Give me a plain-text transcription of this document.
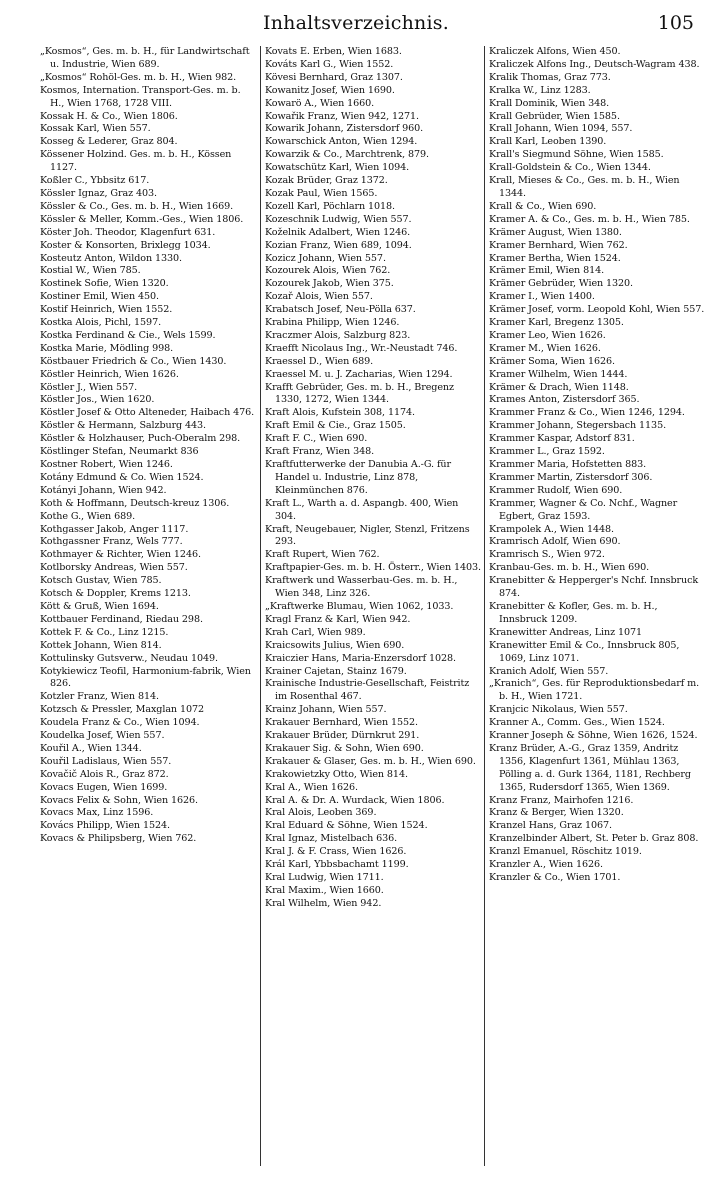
Inhaltsverzeichnis.	105

„Kosmos“, Ges. m. b. H., für Landwirtschaft u. Industrie, Wien 689.

„Kosmos“ Rohöl-Ges. m. b. H., Wien 982.

Kosmos, Internation. Transport-Ges. m. b. H., Wien 1768, 1728 VIII.

Kossak H. & Co., Wien 1806.

Kossak Karl, Wien 557.

Kosseg & Lederer, Graz 804.

Kössener Holzind. Ges. m. b. H., Kössen 1127.

Koßler C., Ybbsitz 617.

Kössler Ignaz, Graz 403.

Kössler & Co., Ges. m. b. H., Wien 1669.

Kössler & Meller, Komm.-Ges., Wien 1806.

Köster Joh. Theodor, Klagenfurt 631.

Koster & Konsorten, Brixlegg 1034.

Kosteutz Anton, Wildon 1330.

Kostial W., Wien 785.

Kostinek Sofie, Wien 1320.

Kostiner Emil, Wien 450.

Kostif Heinrich, Wien 1552.

Kostka Alois, Pichl, 1597.

Kostka Ferdinand & Cie., Wels 1599.

Kostka Marie, Mödling 998.

Köstbauer Friedrich & Co., Wien 1430.

Köstler Heinrich, Wien 1626.

Köstler J., Wien 557.

Köstler Jos., Wien 1620.

Köstler Josef & Otto Alteneder, Haibach 476.

Köstler & Hermann, Salzburg 443.

Köstler & Holzhauser, Puch-Oberalm 298.

Köstlinger Stefan, Neumarkt 836

Kostner Robert, Wien 1246.

Kotány Edmund & Co. Wien 1524.

Kotányi Johann, Wien 942.

Koth & Hoffmann, Deutsch-kreuz 1306.

Kothe G., Wien 689.

Kothgasser Jakob, Anger 1117.

Kothgassner Franz, Wels 777.

Kothmayer & Richter, Wien 1246.

Kotlborsky Andreas, Wien 557.

Kotsch Gustav, Wien 785.

Kotsch & Doppler, Krems 1213.

Kött & Gruß, Wien 1694.

Kottbauer Ferdinand, Riedau 298.

Kottek F. & Co., Linz 1215.

Kottek Johann, Wien 814.

Kottulinsky Gutsverw., Neudau 1049.

Kotykiewicz Teofil, Harmonium-fabrik, Wien 826.

Kotzler Franz, Wien 814.

Kotzsch & Pressler, Maxglan 1072

Koudela Franz & Co., Wien 1094.

Koudelka Josef, Wien 557.

Kouřil A., Wien 1344.

Kouřil Ladislaus, Wien 557.

Kovačič Alois R., Graz 872.

Kovacs Eugen, Wien 1699.

Kovacs Felix & Sohn, Wien 1626.

Kovacs Max, Linz 1596.

Kovács Philipp, Wien 1524.

Kovacs & Philipsberg, Wien 762.

Kovats E. Erben, Wien 1683.

Kováts Karl G., Wien 1552.

Kövesi Bernhard, Graz 1307.

Kowanitz Josef, Wien 1690.

Kowarö A., Wien 1660.

Kowařik Franz, Wien 942, 1271.

Kowarik Johann, Zistersdorf 960.

Kowarschick Anton, Wien 1294.

Kowarzik & Co., Marchtrenk, 879.

Kowatschütz Karl, Wien 1094.

Kozak Brüder, Graz 1372.

Kozak Paul, Wien 1565.

Kozell Karl, Pöchlarn 1018.

Kozeschnik Ludwig, Wien 557.

Koželnik Adalbert, Wien 1246.

Kozian Franz, Wien 689, 1094.

Kozicz Johann, Wien 557.

Kozourek Alois, Wien 762.

Kozourek Jakob, Wien 375.

Kozař Alois, Wien 557.

Krabatsch Josef, Neu-Pölla 637.

Krabina Philipp, Wien 1246.

Kraczmer Alois, Salzburg 823.

Kraefft Nicolaus Ing., Wr.-Neustadt 746.

Kraessel D., Wien 689.

Kraessel M. u. J. Zacharias, Wien 1294.

Krafft Gebrüder, Ges. m. b. H., Bregenz 1330, 1272, Wien 1344.

Kraft Alois, Kufstein 308, 1174.

Kraft Emil & Cie., Graz 1505.

Kraft F. C., Wien 690.

Kraft Franz, Wien 348.

Kraftfutterwerke der Danubia A.-G. für Handel u. Industrie, Linz 878, Kleinmünchen 876.

Kraft L., Warth a. d. Aspangb. 400, Wien 304.

Kraft, Neugebauer, Nigler, Stenzl, Fritzens 293.

Kraft Rupert, Wien 762.

Kraftpapier-Ges. m. b. H. Österr., Wien 1403.

Kraftwerk und Wasserbau-Ges. m. b. H., Wien 348, Linz 326.

„Kraftwerke Blumau, Wien 1062, 1033.

Kragl Franz & Karl, Wien 942.

Krah Carl, Wien 989.

Kraicsowits Julius, Wien 690.

Kraiczier Hans, Maria-Enzersdorf 1028.

Krainer Cajetan, Stainz 1679.

Krainische Industrie-Gesellschaft, Feistritz im Rosenthal 467.

Krainz Johann, Wien 557.

Krakauer Bernhard, Wien 1552.

Krakauer Brüder, Dürnkrut 291.

Krakauer Sig. & Sohn, Wien 690.

Krakauer & Glaser, Ges. m. b. H., Wien 690.

Krakowietzky Otto, Wien 814.

Kral A., Wien 1626.

Kral A. & Dr. A. Wurdack, Wien 1806.

Kral Alois, Leoben 369.

Kral Eduard & Söhne, Wien 1524.

Kral Ignaz, Mistelbach 636.

Kral J. & F. Crass, Wien 1626.

Král Karl, Ybbsbachamt 1199.

Kral Ludwig, Wien 1711.

Kral Maxim., Wien 1660.

Kral Wilhelm, Wien 942.

Kraliczek Alfons, Wien 450.

Kraliczek Alfons Ing., Deutsch-Wagram 438.

Kralik Thomas, Graz 773.

Kralka W., Linz 1283.

Krall Dominik, Wien 348.

Krall Gebrüder, Wien 1585.

Krall Johann, Wien 1094, 557.

Krall Karl, Leoben 1390.

Krall's Siegmund Söhne, Wien 1585.

Krall-Goldstein & Co., Wien 1344.

Krall, Mieses & Co., Ges. m. b. H., Wien 1344.

Krall & Co., Wien 690.

Kramer A. & Co., Ges. m. b. H., Wien 785.

Krämer August, Wien 1380.

Kramer Bernhard, Wien 762.

Kramer Bertha, Wien 1524.

Krämer Emil, Wien 814.

Krämer Gebrüder, Wien 1320.

Kramer I., Wien 1400.

Krämer Josef, vorm. Leopold Kohl, Wien 557.

Kramer Karl, Bregenz 1305.

Kramer Leo, Wien 1626.

Kramer M., Wien 1626.

Krämer Soma, Wien 1626.

Kramer Wilhelm, Wien 1444.

Krämer & Drach, Wien 1148.

Krames Anton, Zistersdorf 365.

Krammer Franz & Co., Wien 1246, 1294.

Krammer Johann, Stegersbach 1135.

Krammer Kaspar, Adstorf 831.

Krammer L., Graz 1592.

Krammer Maria, Hofstetten 883.

Krammer Martin, Zistersdorf 306.

Krammer Rudolf, Wien 690.

Krammer, Wagner & Co. Nchf., Wagner Egbert, Graz 1593.

Krampolek A., Wien 1448.

Kramrisch Adolf, Wien 690.

Kramrisch S., Wien 972.

Kranbau-Ges. m. b. H., Wien 690.

Kranebitter & Hepperger's Nchf. Innsbruck 874.

Kranebitter & Kofler, Ges. m. b. H., Innsbruck 1209.

Kranewitter Andreas, Linz 1071

Kranewitter Emil & Co., Innsbruck 805, 1069, Linz 1071.

Kranich Adolf, Wien 557.

„Kranich“, Ges. für Reproduktionsbedarf m. b. H., Wien 1721.

Kranjcic Nikolaus, Wien 557.

Kranner A., Comm. Ges., Wien 1524.

Kranner Joseph & Söhne, Wien 1626, 1524.

Kranz Brüder, A.-G., Graz 1359, Andritz 1356, Klagenfurt 1361, Mühlau 1363, Pölling a. d. Gurk 1364, 1181, Rechberg 1365, Rudersdorf 1365, Wien 1369.

Kranz Franz, Mairhofen 1216.

Kranz & Berger, Wien 1320.

Kranzel Hans, Graz 1067.

Kranzelbinder Albert, St. Peter b. Graz 808.

Kranzl Emanuel, Röschitz 1019.

Kranzler A., Wien 1626.

Kranzler & Co., Wien 1701.
